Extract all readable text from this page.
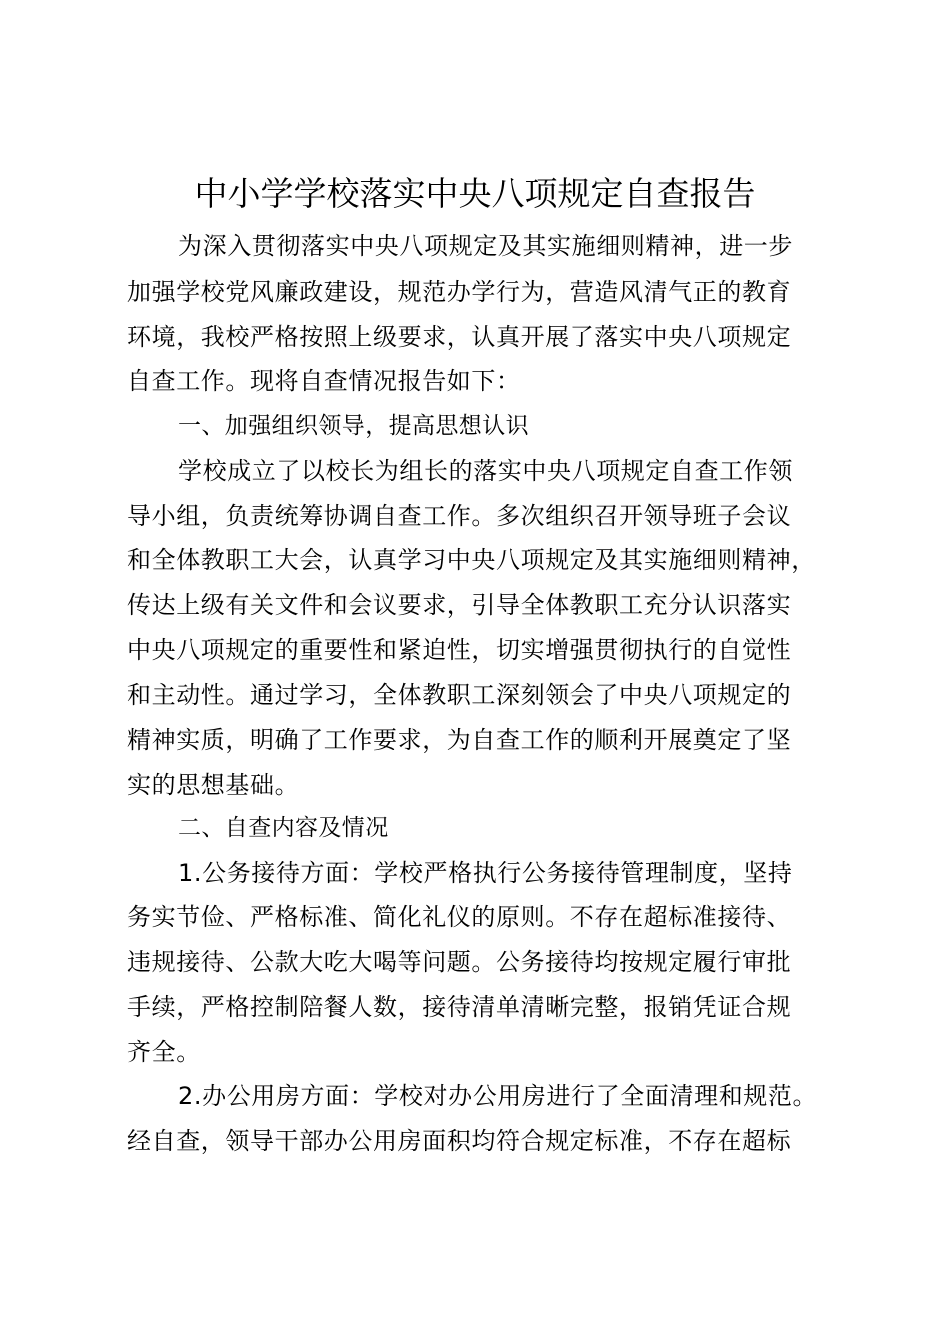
中小学学校落实中央八项规定自查报告
为深入贯彻落实中央八项规定及其实施细则精神，进一步
加强学校党风廉政建设，规范办学行为，营造风清气正的教育
环境，我校严格按照上级要求，认真开展了落实中央八项规定
自查工作。现将自查情况报告如下：
一、加强组织领导，提高思想认识
学校成立了以校长为组长的落实中央八项规定自查工作领
导小组，负责统筹协调自查工作。多次组织召开领导班子会议
和全体教职工大会，认真学习中央八项规定及其实施细则精神，
传达上级有关文件和会议要求，引导全体教职工充分认识落实
中央八项规定的重要性和紧迫性，切实增强贯彻执行的自觉性
和主动性。通过学习，全体教职工深刻领会了中央八项规定的
精神实质，明确了工作要求，为自查工作的顺利开展奠定了坚
实的思想基础。
二、自查内容及情况
1.公务接待方面：学校严格执行公务接待管理制度，坚持
务实节俭、严格标准、简化礼仪的原则。不存在超标准接待、
违规接待、公款大吃大喝等问题。公务接待均按规定履行审批
手续，严格控制陪餐人数，接待清单清晰完整，报销凭证合规
齐全。
2.办公用房方面：学校对办公用房进行了全面清理和规范。
经自查，领导干部办公用房面积均符合规定标准，不存在超标
